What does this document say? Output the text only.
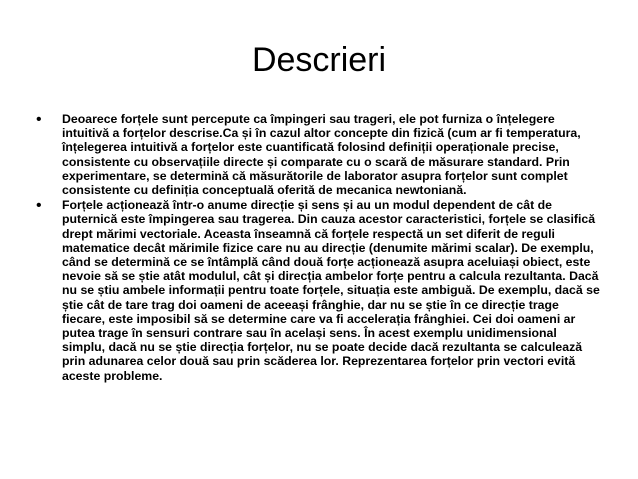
Descrieri
• Deoarece forțele sunt percepute ca împingeri sau trageri, ele pot furniza o înțelegere intuitivă a forțelor descrise.Ca și în cazul altor concepte din fizică (cum ar fi temperatura, înțelegerea intuitivă a forțelor este cuantificată folosind definiții operaționale precise, consistente cu observațiile directe și comparate cu o scară de măsurare standard. Prin experimentare, se determină că măsurătorile de laborator asupra forțelor sunt complet consistente cu definiția conceptuală oferită de mecanica newtoniană.
• Forțele acționează într-o anume direcție și sens și au un modul dependent de cât de puternică este împingerea sau tragerea. Din cauza acestor caracteristici, forțele se clasifică drept mărimi vectoriale. Aceasta înseamnă că forțele respectă un set diferit de reguli matematice decât mărimile fizice care nu au direcție (denumite mărimi scalar). De exemplu, când se determină ce se întâmplă când două forțe acționează asupra aceluiași obiect, este nevoie să se știe atât modulul, cât și direcția ambelor forțe pentru a calcula rezultanta. Dacă nu se știu ambele informații pentru toate forțele, situația este ambiguă. De exemplu, dacă se știe cât de tare trag doi oameni de aceeași frânghie, dar nu se știe în ce direcție trage fiecare, este imposibil să se determine care va fi accelerația frânghiei. Cei doi oameni ar putea trage în sensuri contrare sau în același sens. În acest exemplu unidimensional simplu, dacă nu se știe direcția forțelor, nu se poate decide dacă rezultanta se calculează prin adunarea celor două sau prin scăderea lor. Reprezentarea forțelor prin vectori evită aceste probleme.
